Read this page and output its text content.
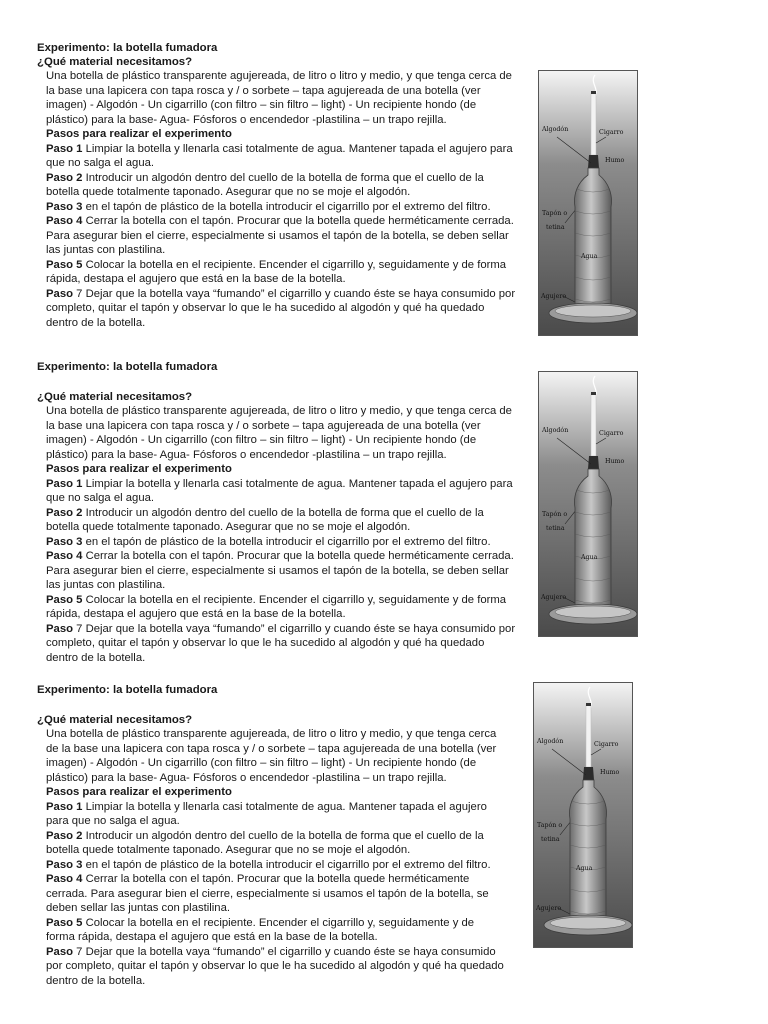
Experimento: la botella fumadora
¿Qué material necesitamos?

Una botella de plástico transparente agujereada, de litro o litro y medio, y que tenga cerca de

la base una lapicera con tapa rosca y / o sorbete – tapa agujereada de una botella (ver

imagen) - Algodón - Un cigarrillo (con filtro – sin filtro – light) - Un recipiente hondo (de

plástico) para la base- Agua- Fósforos o encendedor -plastilina – un trapo rejilla.

Pasos para realizar el experimento

Paso 1 Limpiar la botella y llenarla casi totalmente de agua. Mantener tapada el agujero para

que no salga el agua.

Paso 2 Introducir un algodón dentro del cuello de la botella de forma que el cuello de la

botella quede totalmente taponado. Asegurar que no se moje el algodón.

Paso 3 en el tapón de plástico de la botella introducir el cigarrillo por el extremo del filtro.

Paso 4 Cerrar la botella con el tapón. Procurar que la botella quede herméticamente cerrada.

Para asegurar bien el cierre, especialmente si usamos el tapón de la botella, se deben sellar

las juntas con plastilina.

Paso 5 Colocar la botella en el recipiente. Encender el cigarrillo y, seguidamente y de forma

rápida, destapa el agujero que está en la base de la botella.

Paso 7 Dejar que la botella vaya “fumando” el cigarrillo y cuando éste se haya consumido por

completo, quitar el tapón y observar lo que le ha sucedido al algodón y qué ha quedado

dentro de la botella.

Algodón	Cigarro
Humo
Tapón o
tetina
Agua
Agujero
Experimento: la botella fumadora
¿Qué material necesitamos?

Una botella de plástico transparente agujereada, de litro o litro y medio, y que tenga cerca de

la base una lapicera con tapa rosca y / o sorbete – tapa agujereada de una botella (ver

imagen) - Algodón - Un cigarrillo (con filtro – sin filtro – light) - Un recipiente hondo (de

plástico) para la base- Agua- Fósforos o encendedor -plastilina – un trapo rejilla.

Pasos para realizar el experimento

Paso 1 Limpiar la botella y llenarla casi totalmente de agua. Mantener tapada el agujero para

que no salga el agua.

Paso 2 Introducir un algodón dentro del cuello de la botella de forma que el cuello de la

botella quede totalmente taponado. Asegurar que no se moje el algodón.

Paso 3 en el tapón de plástico de la botella introducir el cigarrillo por el extremo del filtro.

Paso 4 Cerrar la botella con el tapón. Procurar que la botella quede herméticamente cerrada.

Para asegurar bien el cierre, especialmente si usamos el tapón de la botella, se deben sellar

las juntas con plastilina.

Paso 5 Colocar la botella en el recipiente. Encender el cigarrillo y, seguidamente y de forma

rápida, destapa el agujero que está en la base de la botella.

Paso 7 Dejar que la botella vaya “fumando” el cigarrillo y cuando éste se haya consumido por

completo, quitar el tapón y observar lo que le ha sucedido al algodón y qué ha quedado

dentro de la botella.

Algodón	Cigarro
Humo
Tapón o
tetina
Agua
Agujero
Experimento: la botella fumadora
¿Qué material necesitamos?

Una botella de plástico transparente agujereada, de litro o litro y medio, y que tenga cerca

de la base una lapicera con tapa rosca y / o sorbete – tapa agujereada de una botella (ver

imagen) - Algodón - Un cigarrillo (con filtro – sin filtro – light) - Un recipiente hondo (de

plástico) para la base- Agua- Fósforos o encendedor -plastilina – un trapo rejilla.

Pasos para realizar el experimento

Paso 1 Limpiar la botella y llenarla casi totalmente de agua. Mantener tapada el agujero

para que no salga el agua.

Paso 2 Introducir un algodón dentro del cuello de la botella de forma que el cuello de la

botella quede totalmente taponado. Asegurar que no se moje el algodón.

Paso 3 en el tapón de plástico de la botella introducir el cigarrillo por el extremo del filtro.

Paso 4 Cerrar la botella con el tapón. Procurar que la botella quede herméticamente

cerrada. Para asegurar bien el cierre, especialmente si usamos el tapón de la botella, se

deben sellar las juntas con plastilina.

Paso 5 Colocar la botella en el recipiente. Encender el cigarrillo y, seguidamente y de

forma rápida, destapa el agujero que está en la base de la botella.

Paso 7 Dejar que la botella vaya “fumando” el cigarrillo y cuando éste se haya consumido

por completo, quitar el tapón y observar lo que le ha sucedido al algodón y qué ha quedado

dentro de la botella.

Algodón	Cigarro
Humo
Tapón o
tetina
Agua
Agujero
